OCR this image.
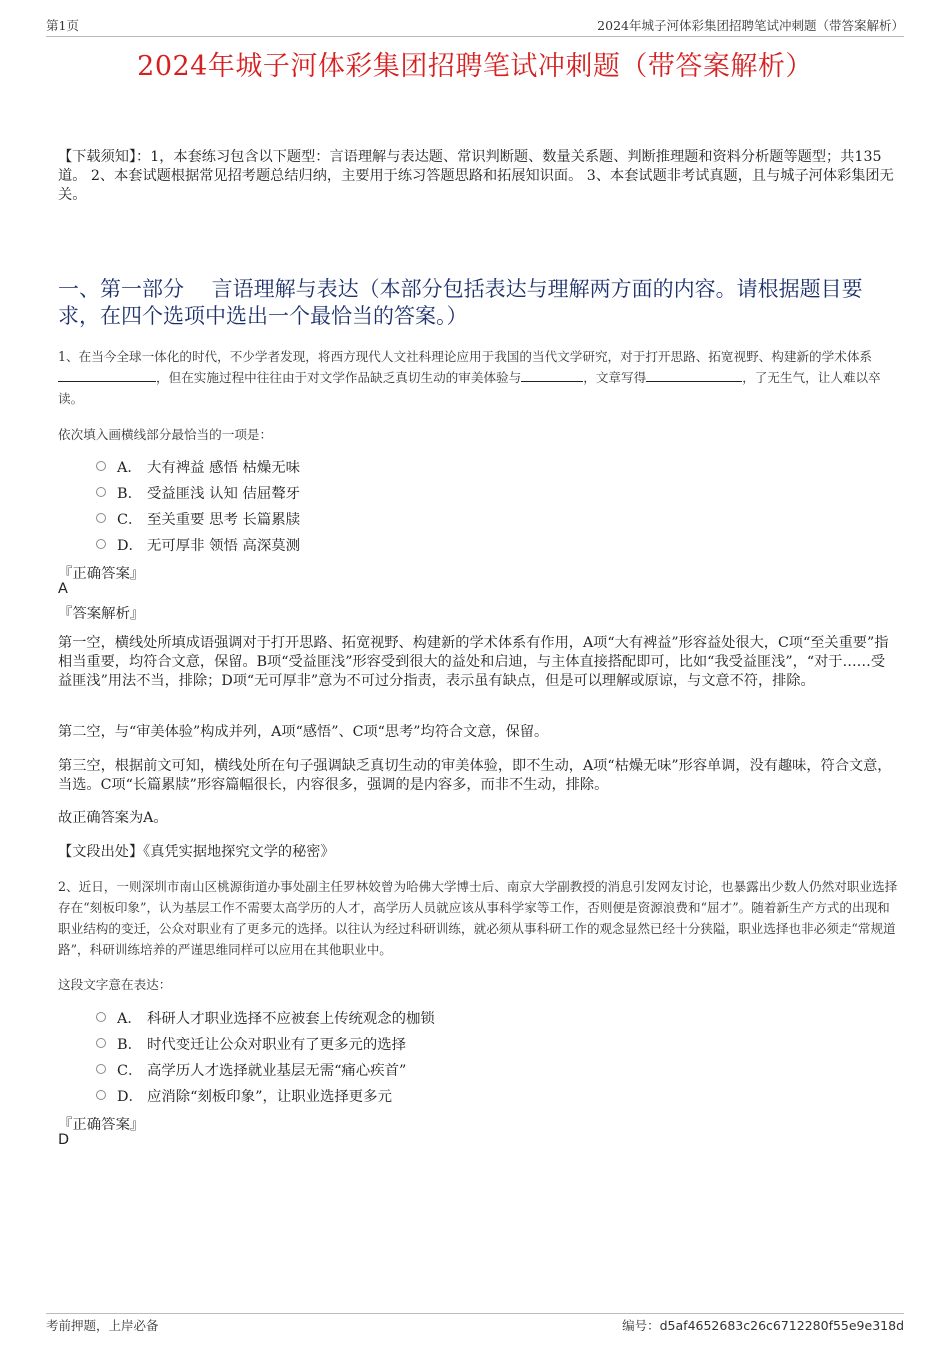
第1页	2024年城子河体彩集团招聘笔试冲刺题（带答案解析）
2024年城子河体彩集团招聘笔试冲刺题（带答案解析）
【下载须知】：1，本套练习包含以下题型：言语理解与表达题、常识判断题、数量关系题、判断推理题和资料分析题等题型；共135道。 2、本套试题根据常见招考题总结归纳，主要用于练习答题思路和拓展知识面。 3、本套试题非考试真题，且与城子河体彩集团无关。
一、第一部分　 言语理解与表达（本部分包括表达与理解两方面的内容。请根据题目要求，在四个选项中选出一个最恰当的答案。）
1、在当今全球一体化的时代，不少学者发现，将西方现代人文社科理论应用于我国的当代文学研究，对于打开思路、拓宽视野、构建新的学术体系，但在实施过程中往往由于对文学作品缺乏真切生动的审美体验与	，文章写得	，了无生气，让人难以卒读。
依次填入画横线部分最恰当的一项是：
A． 大有裨益 感悟 枯燥无味
B． 受益匪浅 认知 佶屈聱牙
C． 至关重要 思考 长篇累牍
D． 无可厚非 领悟 高深莫测
『正确答案』
A
『答案解析』
第一空，横线处所填成语强调对于打开思路、拓宽视野、构建新的学术体系有作用，A项“大有裨益”形容益处很大，C项“至关重要”指相当重要，均符合文意，保留。B项“受益匪浅”形容受到很大的益处和启迪，与主体直接搭配即可，比如“我受益匪浅”，“对于……受益匪浅”用法不当，排除；D项“无可厚非”意为不可过分指责，表示虽有缺点，但是可以理解或原谅，与文意不符，排除。
第二空，与“审美体验”构成并列，A项“感悟”、C项“思考”均符合文意，保留。
第三空，根据前文可知，横线处所在句子强调缺乏真切生动的审美体验，即不生动，A项“枯燥无味”形容单调，没有趣味，符合文意，当选。C项“长篇累牍”形容篇幅很长，内容很多，强调的是内容多，而非不生动，排除。
故正确答案为A。
【文段出处】《真凭实据地探究文学的秘密》
2、近日，一则深圳市南山区桃源街道办事处副主任罗林姣曾为哈佛大学博士后、南京大学副教授的消息引发网友讨论，也暴露出少数人仍然对职业选择存在“刻板印象”，认为基层工作不需要太高学历的人才，高学历人员就应该从事科学家等工作，否则便是资源浪费和“屈才”。随着新生产方式的出现和职业结构的变迁，公众对职业有了更多元的选择。以往认为经过科研训练，就必须从事科研工作的观念显然已经十分狭隘，职业选择也非必须走“常规道路”，科研训练培养的严谨思维同样可以应用在其他职业中。
这段文字意在表达：
A． 科研人才职业选择不应被套上传统观念的枷锁
B． 时代变迁让公众对职业有了更多元的选择
C． 高学历人才选择就业基层无需“痛心疾首”
D． 应消除“刻板印象”，让职业选择更多元
『正确答案』
D
考前押题，上岸必备	编号：d5af4652683c26c6712280f55e9e318d
